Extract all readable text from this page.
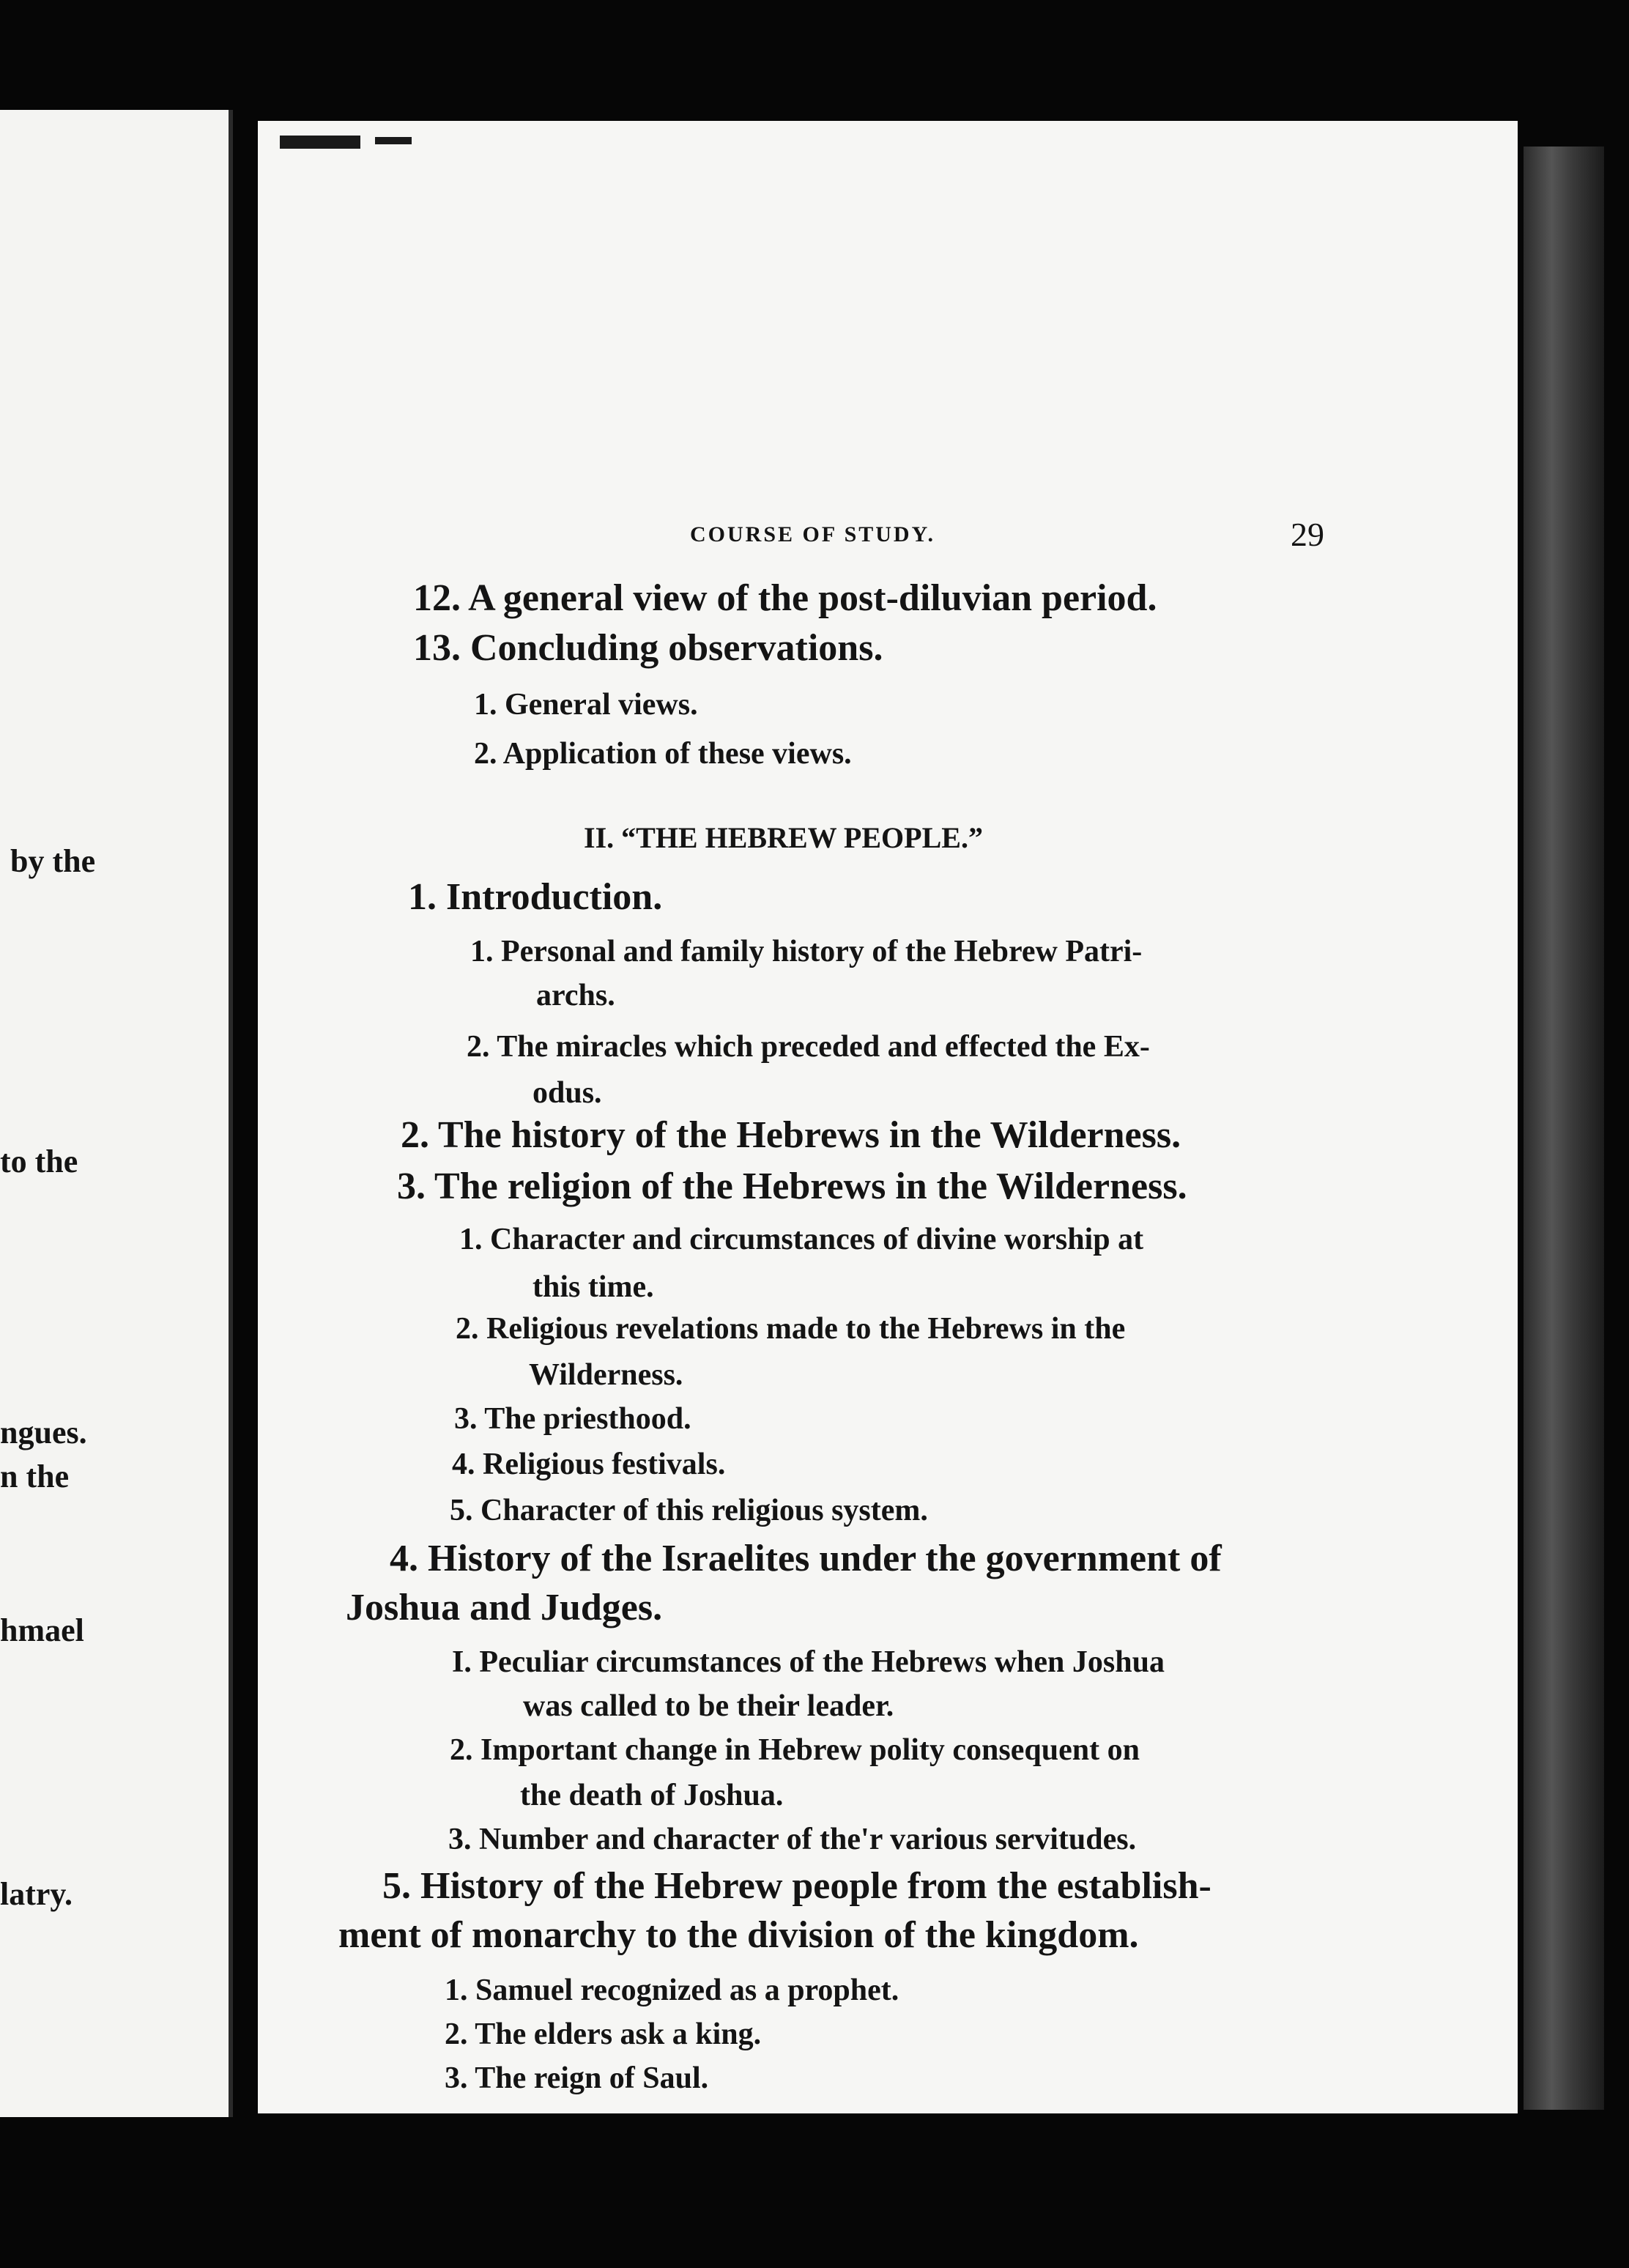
by the
to the
ngues.
n the
hmael
latry.
COURSE OF STUDY.	29
12. A general view of the post-diluvian period.
13. Concluding observations.
1. General views.
2. Application of these views.
II. “THE HEBREW PEOPLE.”
1. Introduction.
1. Personal and family history of the Hebrew Patri-
archs.
2. The miracles which preceded and effected the Ex-
odus.
2. The history of the Hebrews in the Wilderness.
3. The religion of the Hebrews in the Wilderness.
1. Character and circumstances of divine worship at
this time.
2. Religious revelations made to the Hebrews in the
Wilderness.
3. The priesthood.
4. Religious festivals.
5. Character of this religious system.
4. History of the Israelites under the government of
Joshua and Judges.
I. Peculiar circumstances of the Hebrews when Joshua
was called to be their leader.
2. Important change in Hebrew polity consequent on
the death of Joshua.
3. Number and character of the'r various servitudes.
5. History of the Hebrew people from the establish-
ment of monarchy to the division of the kingdom.
1. Samuel recognized as a prophet.
2. The elders ask a king.
3. The reign of Saul.
